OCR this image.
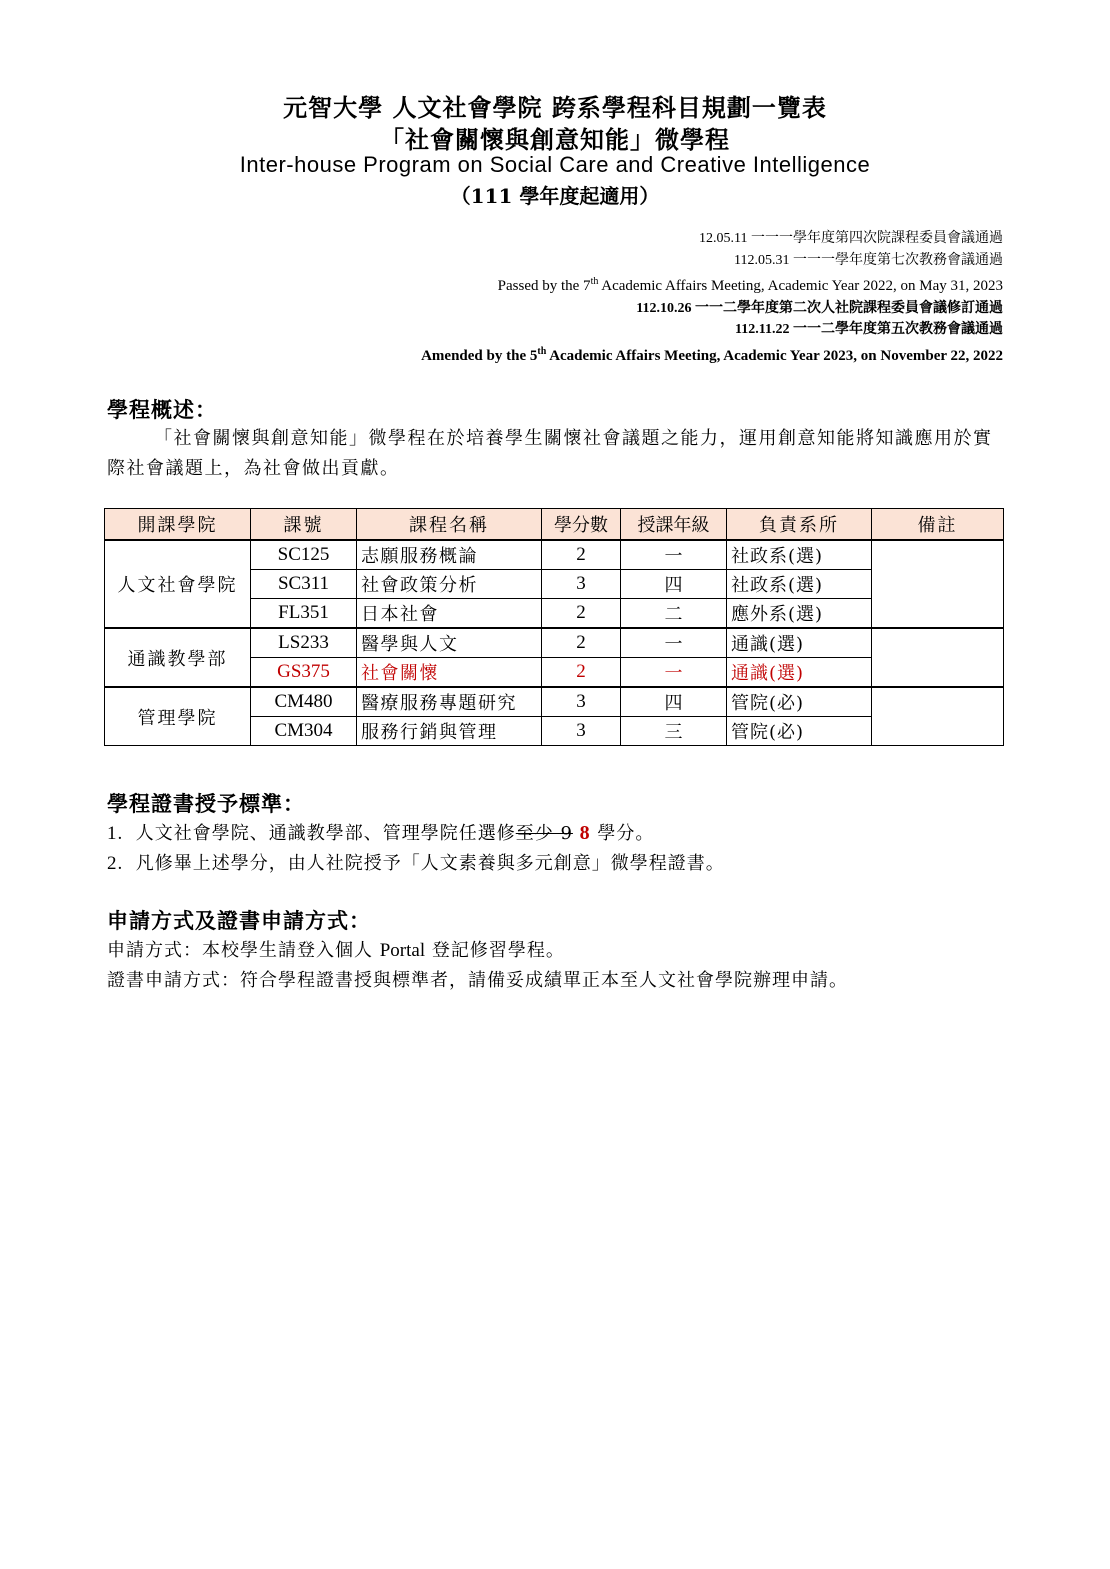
元智大學 人文社會學院 跨系學程科目規劃一覽表
「社會關懷與創意知能」微學程
Inter-house Program on Social Care and Creative Intelligence
（111 學年度起適用）
12.05.11 一一一學年度第四次院課程委員會議通過
112.05.31 一一一學年度第七次教務會議通過
Passed by the 7th Academic Affairs Meeting, Academic Year 2022, on May 31, 2023
112.10.26 一一二學年度第二次人社院課程委員會議修訂通過
112.11.22 一一二學年度第五次教務會議通過
Amended by the 5th Academic Affairs Meeting, Academic Year 2023, on November 22, 2022
學程概述：
「社會關懷與創意知能」微學程在於培養學生關懷社會議題之能力，運用創意知能將知識應用於實際社會議題上，為社會做出貢獻。
開課學院	課號	課程名稱	學分數	授課年級	負責系所	備註
人文社會學院	SC125	志願服務概論	2	一	社政系(選)	
	SC311	社會政策分析	3	四	社政系(選)	
	FL351	日本社會	2	二	應外系(選)	
通識教學部	LS233	醫學與人文	2	一	通識(選)	
	GS375	社會關懷	2	一	通識(選)	
管理學院	CM480	醫療服務專題研究	3	四	管院(必)	
	CM304	服務行銷與管理	3	三	管院(必)	
學程證書授予標準：
1. 人文社會學院、通識教學部、管理學院任選修至少 9 8 學分。
2. 凡修畢上述學分，由人社院授予「人文素養與多元創意」微學程證書。
申請方式及證書申請方式：
申請方式：本校學生請登入個人 Portal 登記修習學程。
證書申請方式：符合學程證書授與標準者，請備妥成績單正本至人文社會學院辦理申請。
